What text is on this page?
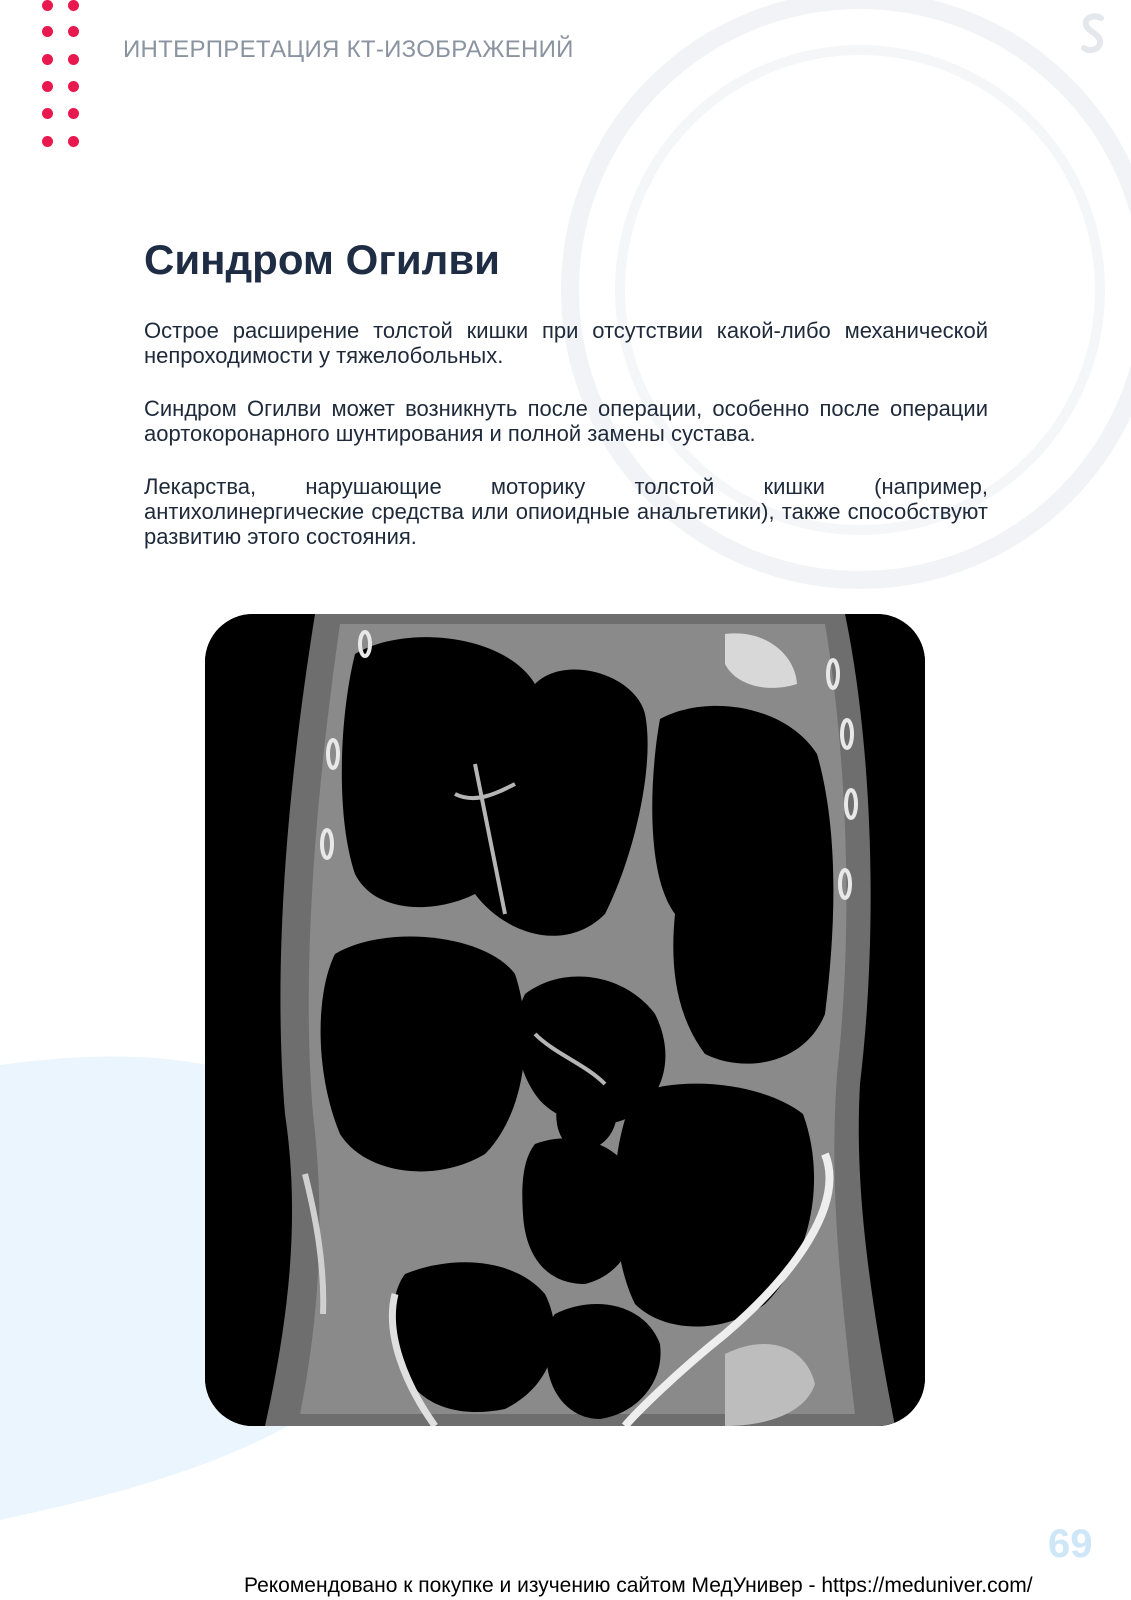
ИНТЕРПРЕТАЦИЯ КТ-ИЗОБРАЖЕНИЙ
Синдром Огилви

Острое расширение толстой кишки при отсутствии какой-либо механической непроходимости у тяжелобольных.

Синдром Огилви может возникнуть после операции, особенно после операции аортокоронарного шунтирования и полной замены сустава.

Лекарства, нарушающие моторику толстой кишки (например, антихолинергические средства или опиоидные анальгетики), также способствуют развитию этого состояния.

69
Рекомендовано к покупке и изучению сайтом МедУнивер - https://meduniver.com/
